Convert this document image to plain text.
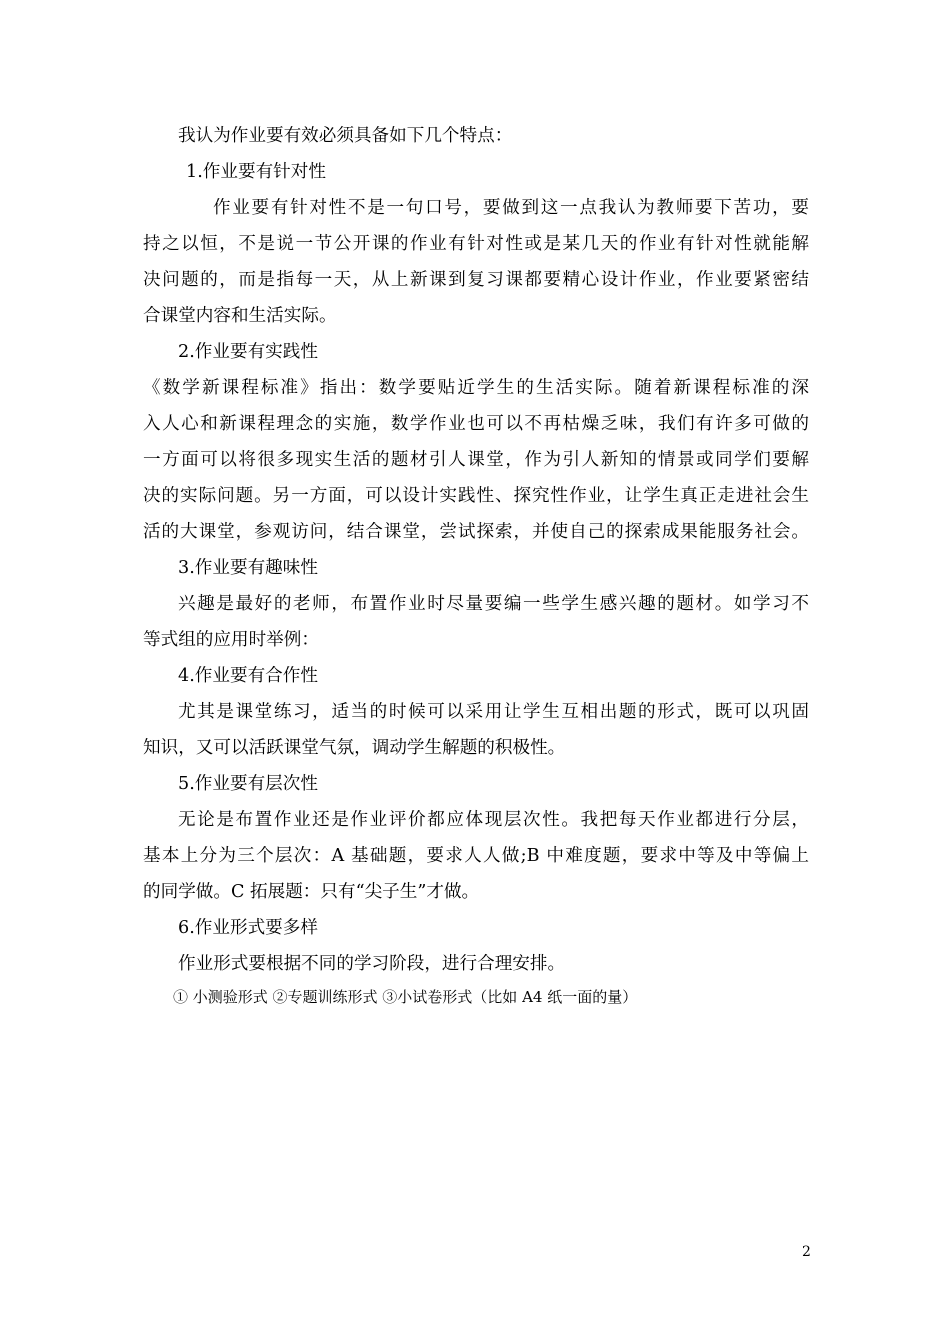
我认为作业要有效必须具备如下几个特点：
1.作业要有针对性
作业要有针对性不是一句口号，要做到这一点我认为教师要下苦功，要
持之以恒，不是说一节公开课的作业有针对性或是某几天的作业有针对性就能解
决问题的，而是指每一天，从上新课到复习课都要精心设计作业，作业要紧密结
合课堂内容和生活实际。
2.作业要有实践性
《数学新课程标准》指出：数学要贴近学生的生活实际。随着新课程标准的深
入人心和新课程理念的实施，数学作业也可以不再枯燥乏味，我们有许多可做的
一方面可以将很多现实生活的题材引人课堂，作为引人新知的情景或同学们要解
决的实际问题。另一方面，可以设计实践性、探究性作业，让学生真正走进社会生
活的大课堂，参观访问，结合课堂，尝试探索，并使自己的探索成果能服务社会。
3.作业要有趣味性
兴趣是最好的老师，布置作业时尽量要编一些学生感兴趣的题材。如学习不
等式组的应用时举例：
4.作业要有合作性
尤其是课堂练习，适当的时候可以采用让学生互相出题的形式，既可以巩固
知识，又可以活跃课堂气氛，调动学生解题的积极性。
5.作业要有层次性
无论是布置作业还是作业评价都应体现层次性。我把每天作业都进行分层，
基本上分为三个层次：A 基础题，要求人人做;B 中难度题，要求中等及中等偏上
的同学做。C 拓展题：只有“尖子生”才做。
6.作业形式要多样
作业形式要根据不同的学习阶段，进行合理安排。
① 小测验形式 ②专题训练形式 ③小试卷形式（比如 A4 纸一面的量）
2
